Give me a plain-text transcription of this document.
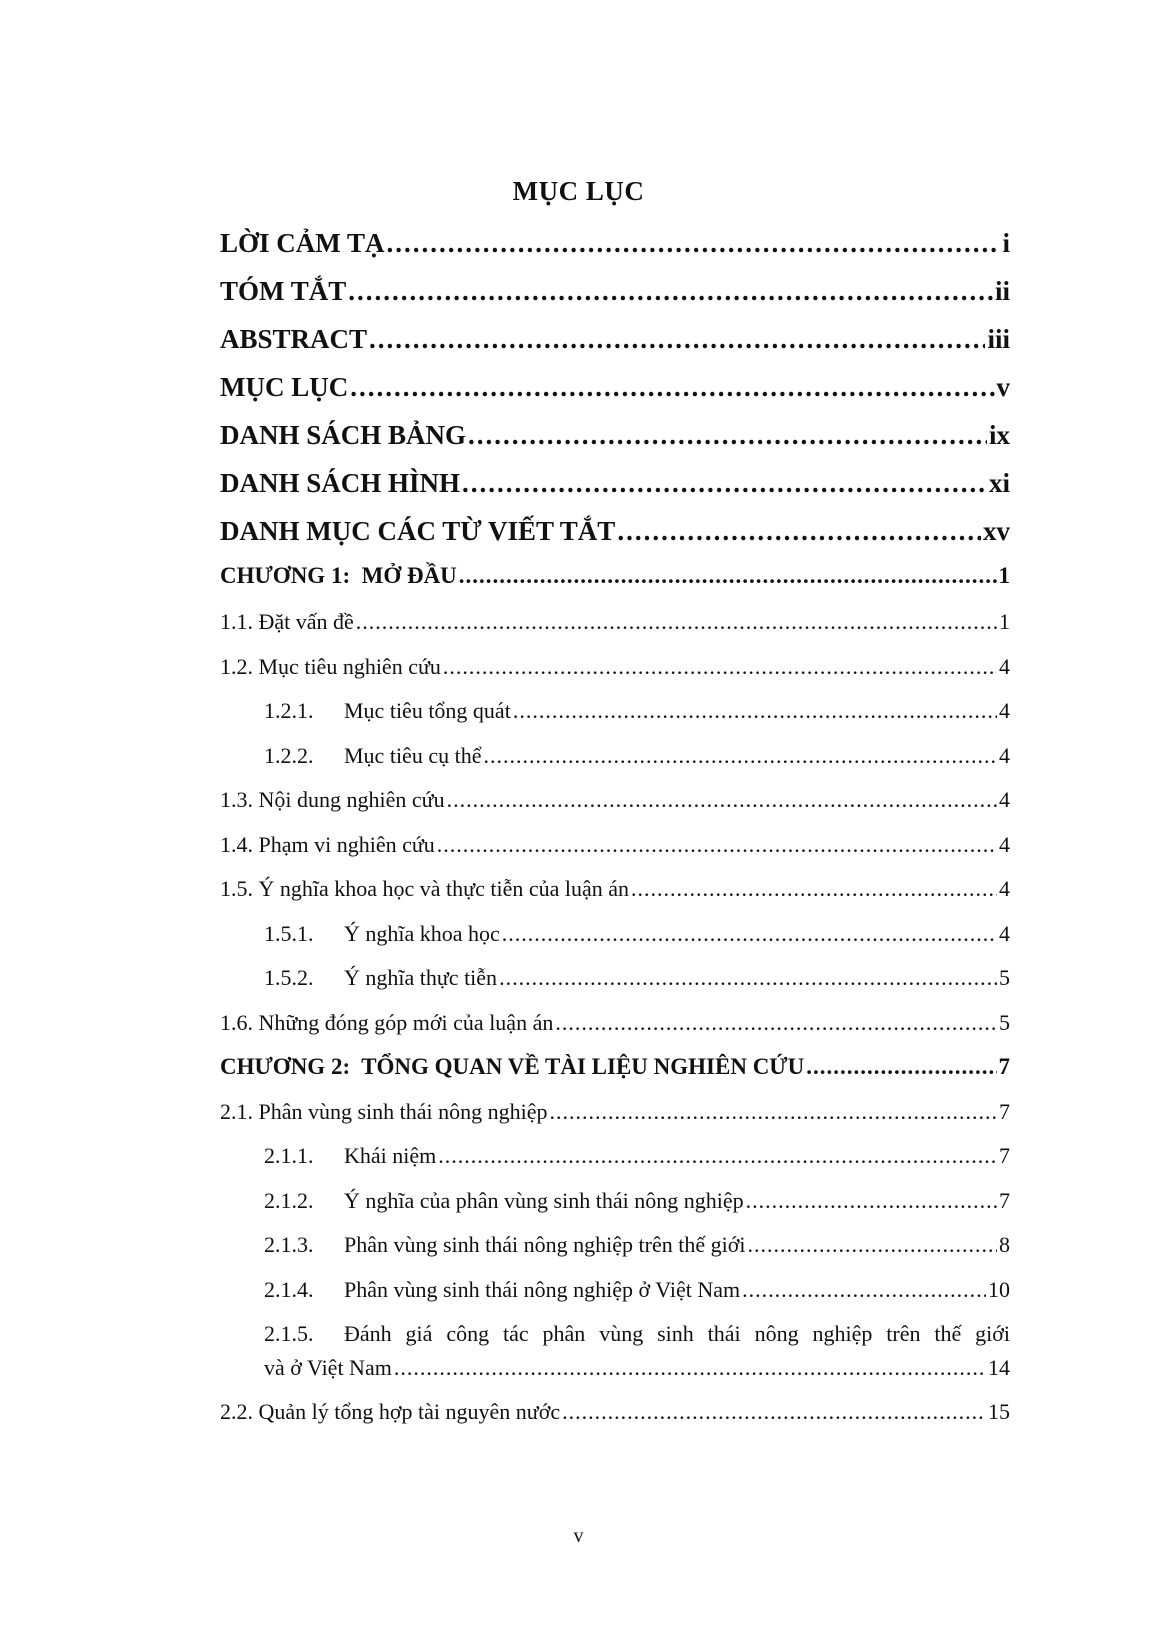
MỤC LỤC
LỜI CẢM TẠ .....	i
TÓM TẮT .....	ii
ABSTRACT .....	iii
MỤC LỤC .....	v
DANH SÁCH BẢNG .....	ix
DANH SÁCH HÌNH .....	xi
DANH MỤC CÁC TỪ VIẾT TẮT .....	xv
CHƯƠNG 1:  MỞ ĐẦU .....	1
1.1. Đặt vấn đề .....	1
1.2. Mục tiêu nghiên cứu .....	4
1.2.1.	Mục tiêu tổng quát .....	4
1.2.2.	Mục tiêu cụ thể .....	4
1.3. Nội dung nghiên cứu .....	4
1.4. Phạm vi nghiên cứu .....	4
1.5. Ý nghĩa khoa học và thực tiễn của luận án .....	4
1.5.1.	Ý nghĩa khoa học .....	4
1.5.2.	Ý nghĩa thực tiễn .....	5
1.6. Những đóng góp mới của luận án .....	5
CHƯƠNG 2:  TỔNG QUAN VỀ TÀI LIỆU NGHIÊN CỨU .....	7
2.1. Phân vùng sinh thái nông nghiệp .....	7
2.1.1.	Khái niệm .....	7
2.1.2.	Ý nghĩa của phân vùng sinh thái nông nghiệp .....	7
2.1.3.	Phân vùng sinh thái nông nghiệp trên thế giới .....	8
2.1.4.	Phân vùng sinh thái nông nghiệp ở Việt Nam .....	10
2.1.5. Đánh giá công tác phân vùng sinh thái nông nghiệp trên thế giới
và ở Việt Nam .....	14
2.2. Quản lý tổng hợp tài nguyên nước .....	15
v
